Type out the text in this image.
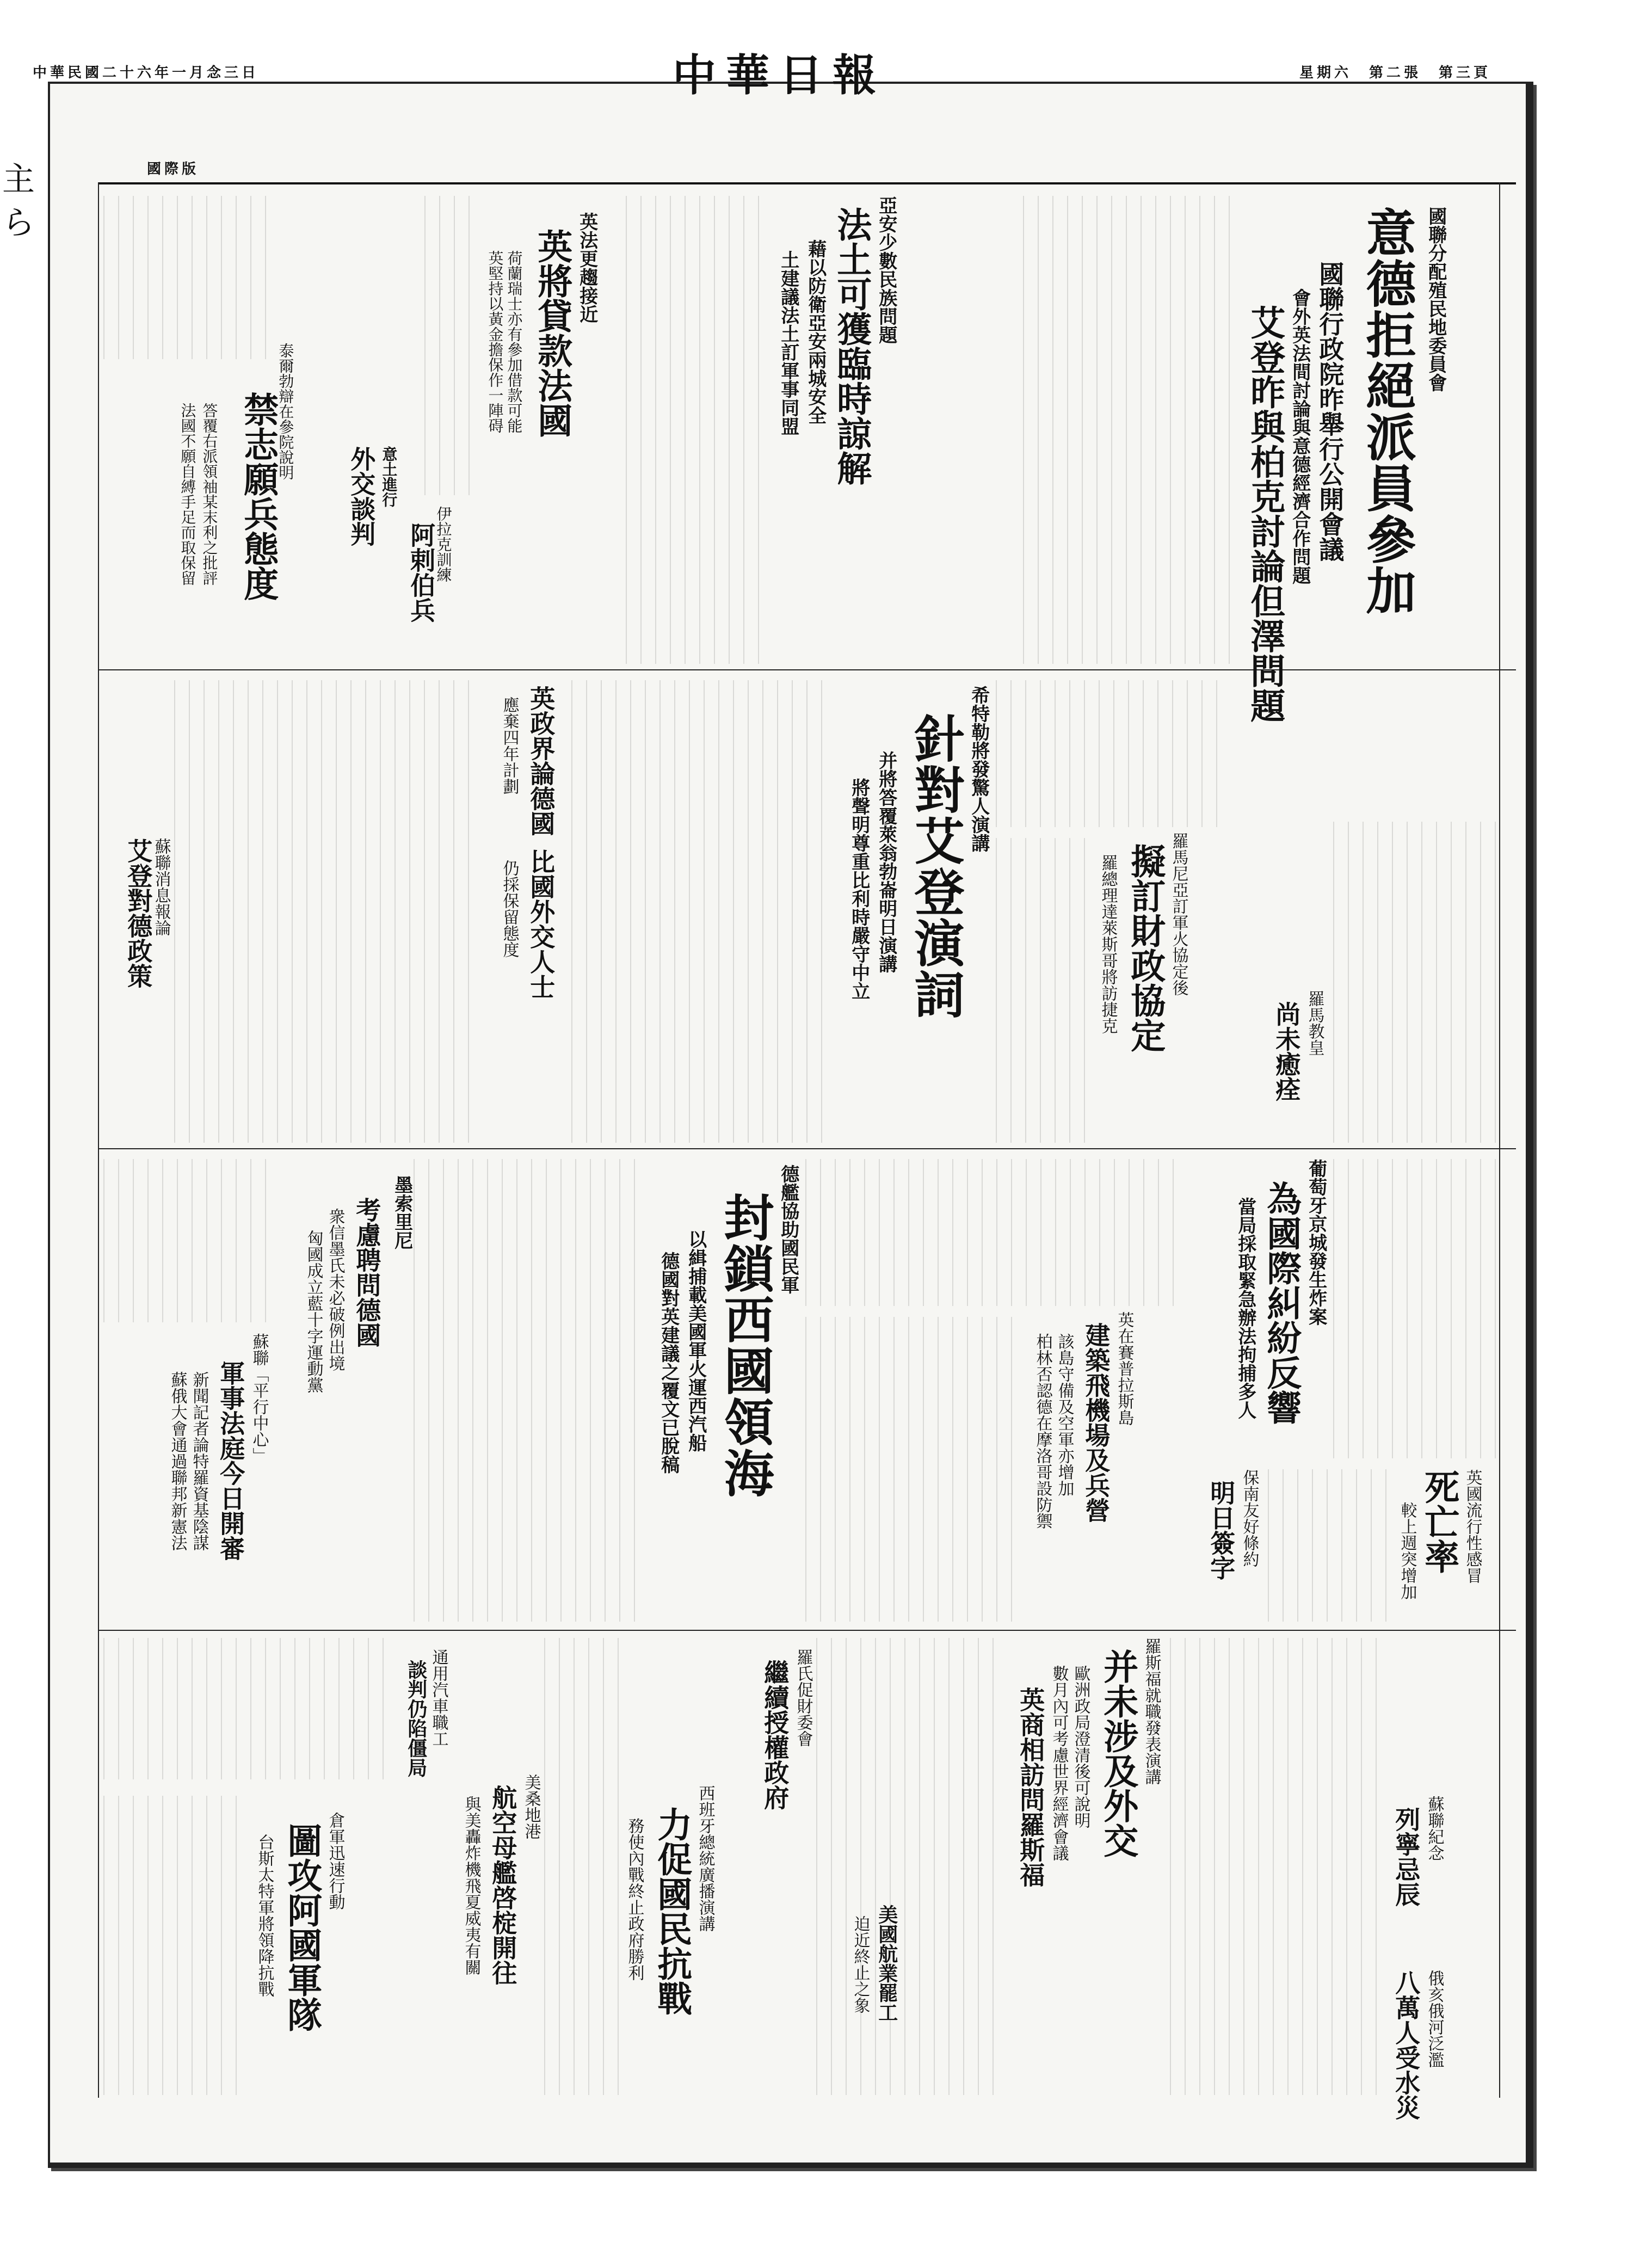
主
ら
星期六　第二張　第三頁
中華日報
中華民國二十六年一月念三日
國際版
國聯分配殖民地委員會
意德拒絕派員參加
國聯行政院昨舉行公開會議
會外英法間討論與意德經濟合作問題
艾登昨與柏克討論但澤問題
亞安少數民族問題
法土可獲臨時諒解
藉以防衛亞安兩城安全
土建議法土訂軍事同盟
英法更趨接近
英將貸款法國
荷蘭瑞士亦有參加借款可能
英堅持以黃金擔保作一陣碍
意土進行
外交談判
泰爾勃辯在參院說明
禁志願兵態度
答覆右派領袖某末利之批評
法國不願自縛手足而取保留	阿剌伯兵
伊拉克訓練
希特勒將發驚人演講
針對艾登演詞
并將答覆萊翁勃崙明日演講
將聲明尊重比利時嚴守中立
英政界論德國
應棄四年計劃
比國外交人士
仍採保留態度
蘇聯消息報論
艾登對德政策	羅馬尼亞訂軍火協定後
擬訂財政協定
羅總理達萊斯哥將訪捷克	羅馬教皇
尚未癒痊
葡萄牙京城發生炸案
為國際糾紛反響
當局採取緊急辦法拘捕多人
德艦協助國民軍
封鎖西國領海
以緝捕載美國軍火運西汽船
德國對英建議之覆文已脫稿
墨索里尼
考慮聘問德國
衆信墨氏未必破例出境
匈國成立藍十字運動黨
蘇聯「平行中心」
軍事法庭今日開審
新聞記者論特羅資基陰謀
蘇俄大會通過聯邦新憲法
英在賽普拉斯島
建築飛機場及兵營
該島守備及空軍亦增加
柏林否認德在摩洛哥設防禦	英國流行性感冒
死亡率
較上週突增加
保南友好條約
明日簽字
羅斯福就職發表演講
并未涉及外交
歐洲政局澄清後可說明
數月內可考慮世界經濟會議
英商相訪問羅斯福	蘇聯紀念
列寧忌辰
俄亥俄河泛濫
八萬人受水災
羅氏促財委會
繼續授權政府
西班牙總統廣播演講
力促國民抗戰
務使內戰終止政府勝利
美桑地港
航空母艦啓椗開往
與美轟炸機飛夏威夷有關
通用汽車職工
談判仍陷僵局
倉軍迅速行動
圖攻阿國軍隊
台斯太特軍將領降抗戰	美國航業罷工
迫近終止之象
